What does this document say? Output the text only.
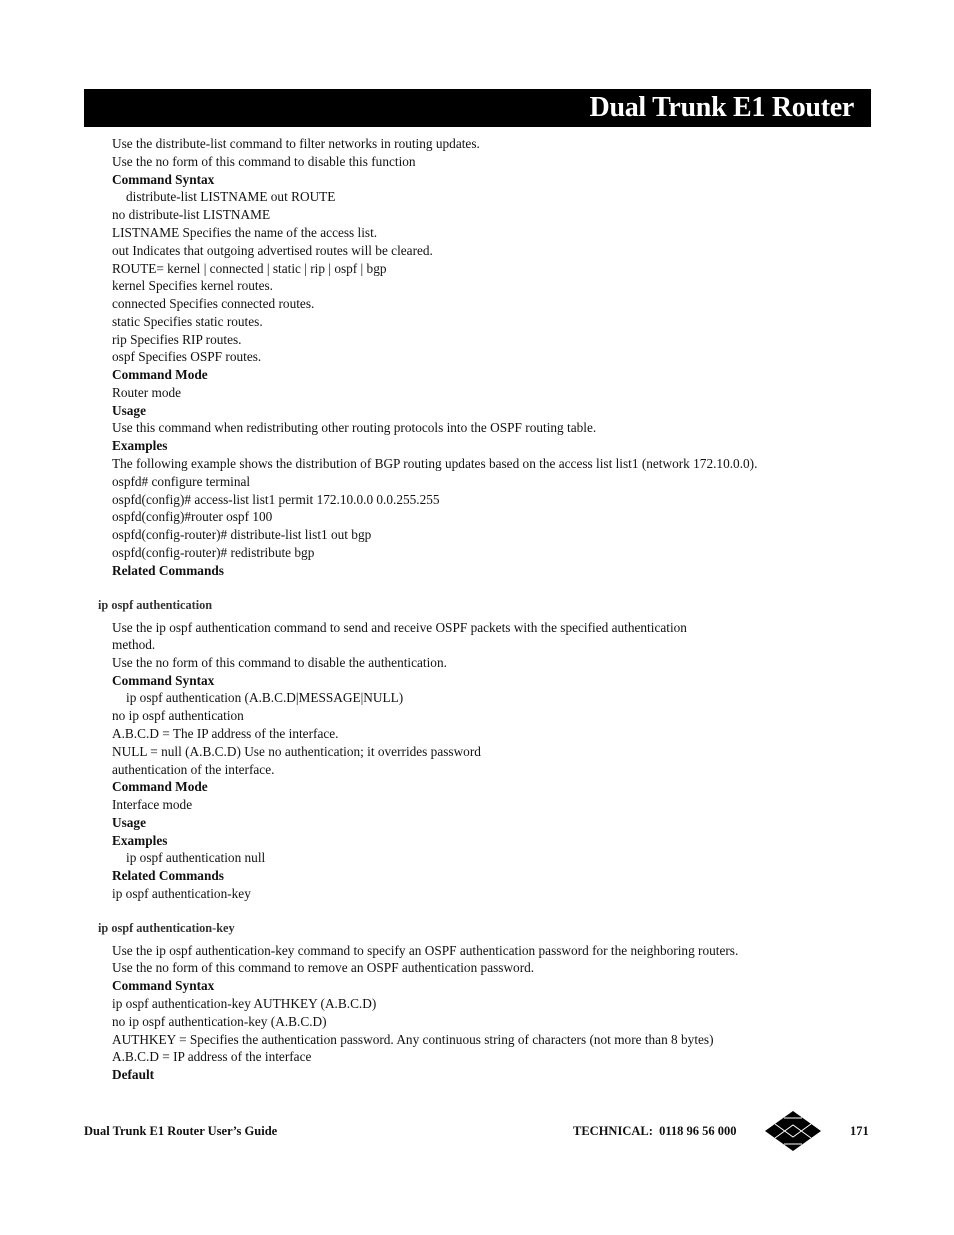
Dual Trunk E1 Router
Use the distribute-list command to filter networks in routing updates.
Use the no form of this command to disable this function
Command Syntax
distribute-list LISTNAME out ROUTE
no distribute-list LISTNAME
LISTNAME Specifies the name of the access list.
out Indicates that outgoing advertised routes will be cleared.
ROUTE= kernel | connected | static | rip | ospf | bgp
kernel Specifies kernel routes.
connected Specifies connected routes.
static Specifies static routes.
rip Specifies RIP routes.
ospf Specifies OSPF routes.
Command Mode
Router mode
Usage
Use this command when redistributing other routing protocols into the OSPF routing table.
Examples
The following example shows the distribution of BGP routing updates based on the access list list1 (network 172.10.0.0).
ospfd# configure terminal
ospfd(config)# access-list list1 permit 172.10.0.0 0.0.255.255
ospfd(config)#router ospf 100
ospfd(config-router)# distribute-list list1 out bgp
ospfd(config-router)# redistribute bgp
Related Commands
ip ospf authentication
Use the ip ospf authentication command to send and receive OSPF packets with the specified authentication
method.
Use the no form of this command to disable the authentication.
Command Syntax
ip ospf authentication (A.B.C.D|MESSAGE|NULL)
no ip ospf authentication
A.B.C.D = The IP address of the interface.
NULL = null (A.B.C.D) Use no authentication; it overrides password
authentication of the interface.
Command Mode
Interface mode
Usage
Examples
ip ospf authentication null
Related Commands
ip ospf authentication-key
ip ospf authentication-key
Use the ip ospf authentication-key command to specify an OSPF authentication password for the neighboring routers.
Use the no form of this command to remove an OSPF authentication password.
Command Syntax
ip ospf authentication-key AUTHKEY (A.B.C.D)
no ip ospf authentication-key (A.B.C.D)
AUTHKEY = Specifies the authentication password. Any continuous string of characters (not more than 8 bytes)
A.B.C.D = IP address of the interface
Default
Dual Trunk E1 Router User’s Guide	TECHNICAL:  0118 96 56 000	171
